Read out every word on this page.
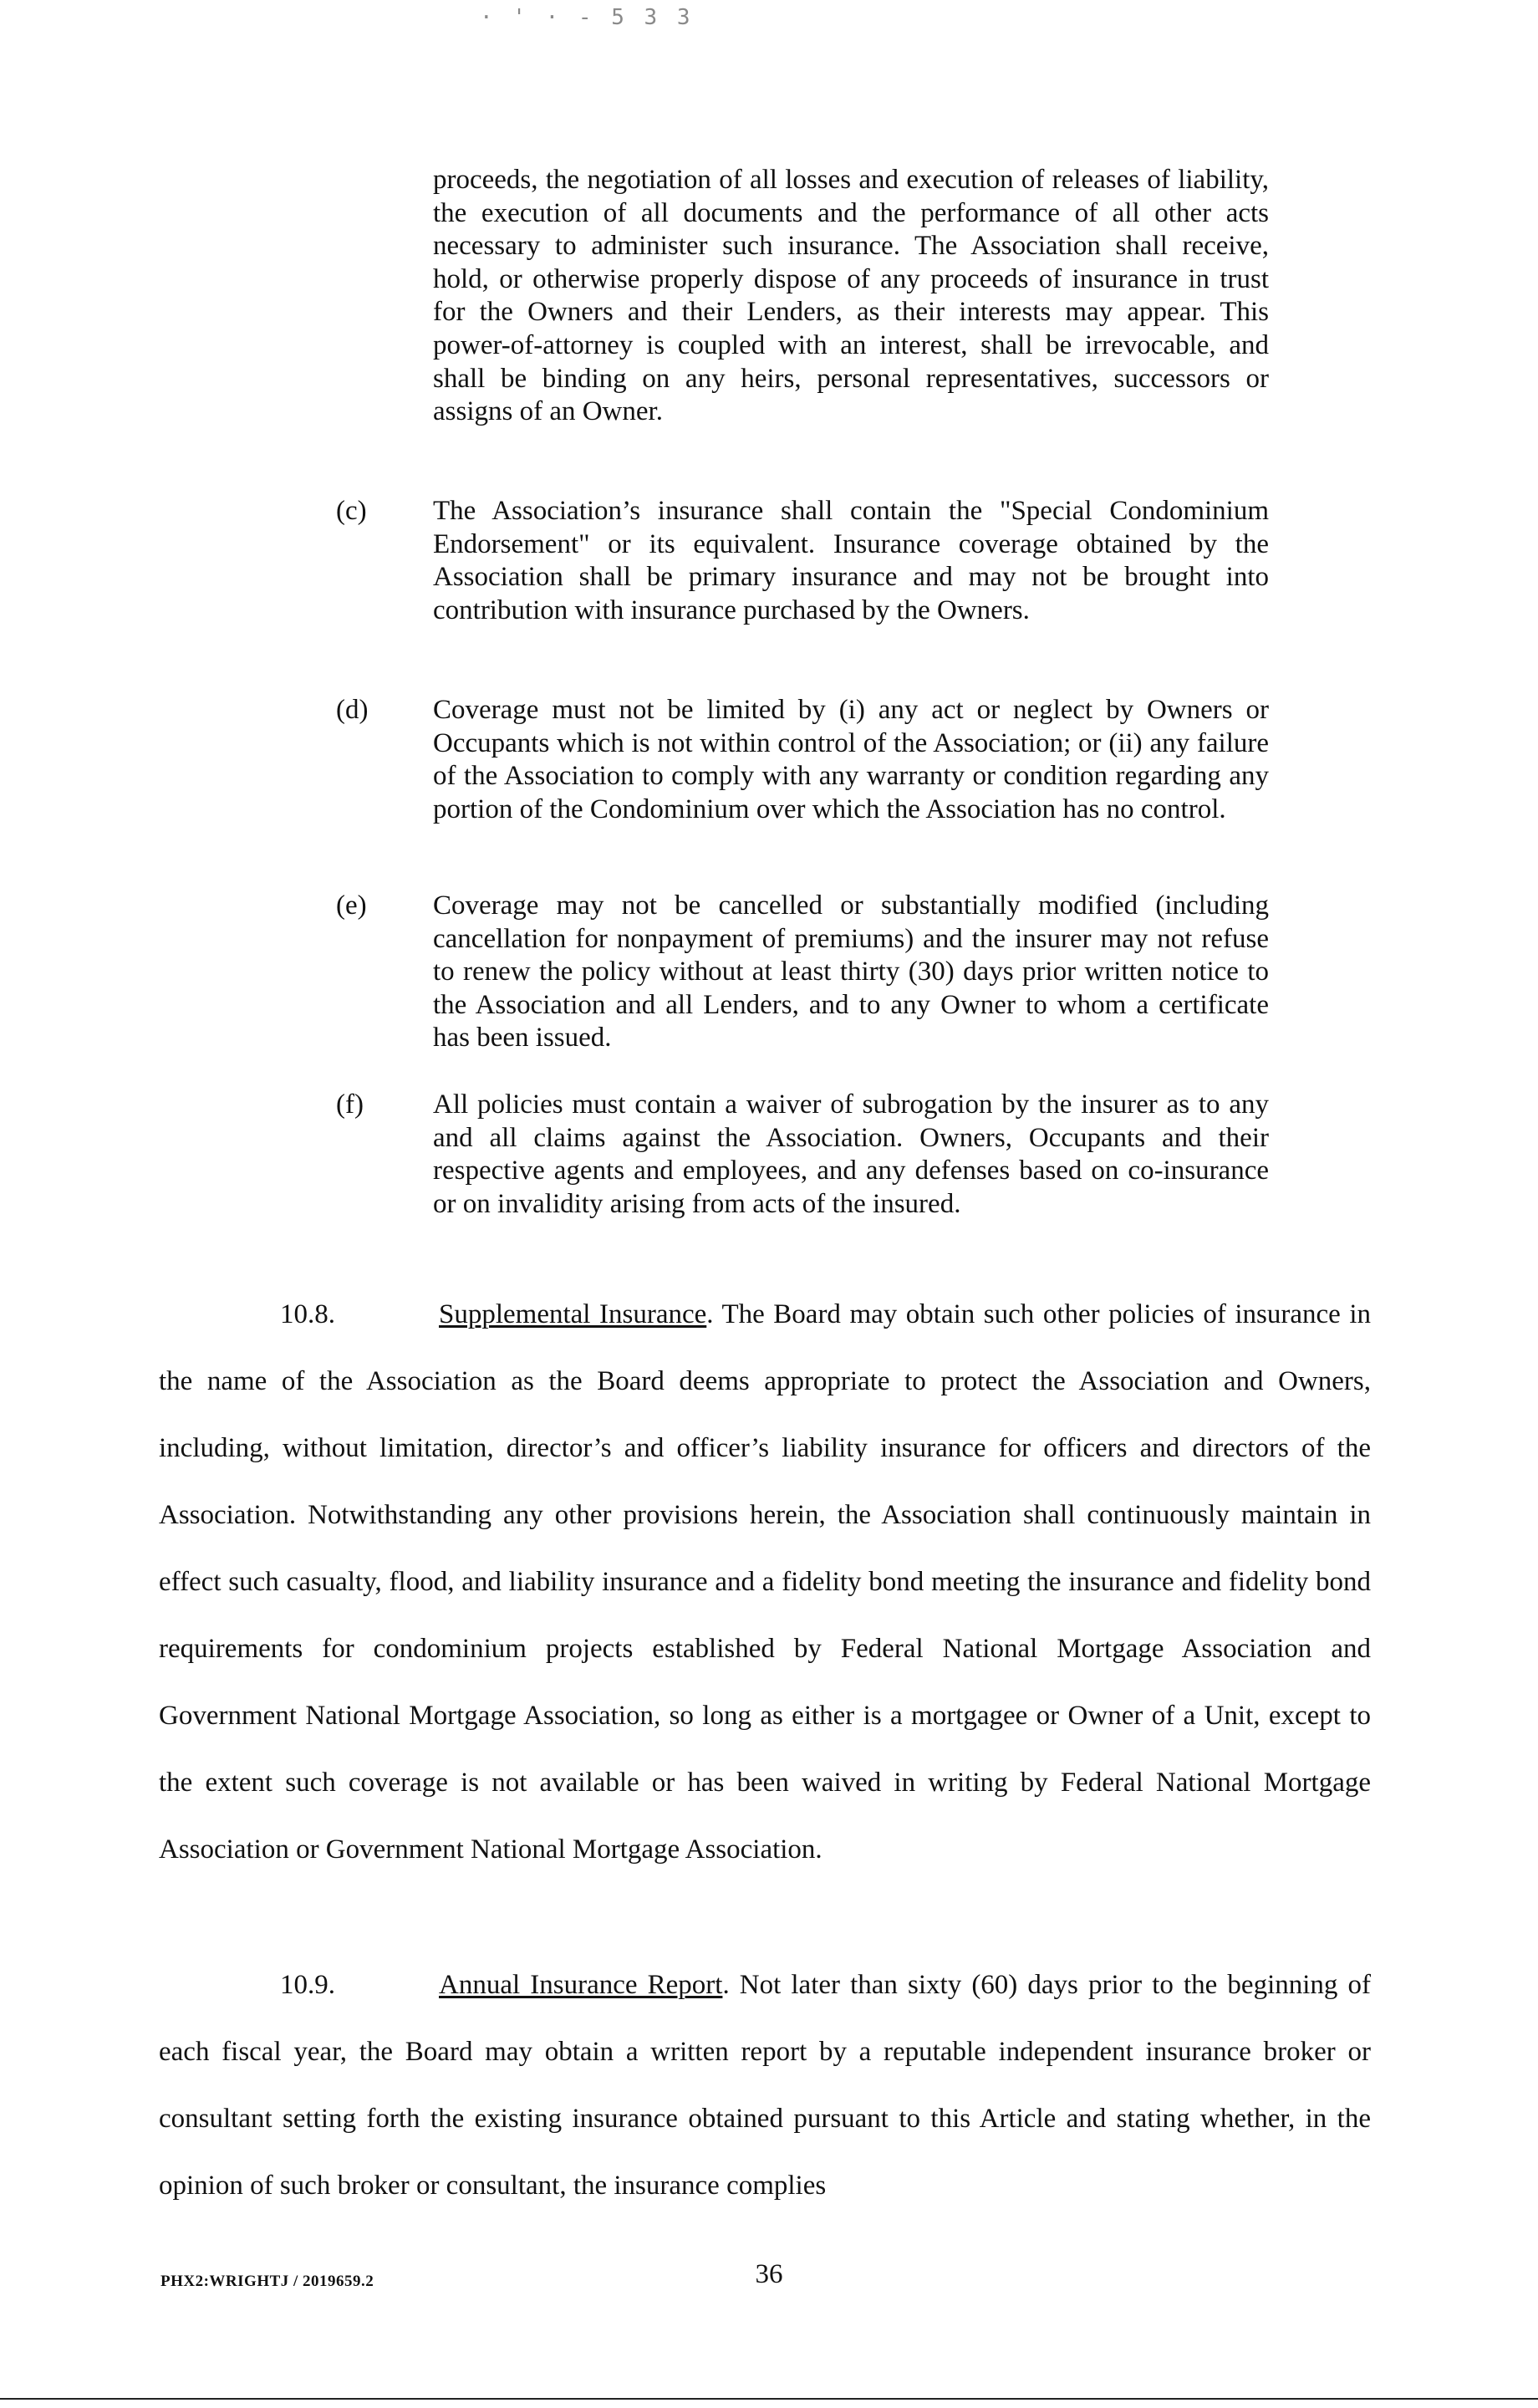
· ' · - 5 3 3

proceeds, the negotiation of all losses and execution of releases of liability, the execution of all documents and the performance of all other acts necessary to administer such insurance. The Association shall receive, hold, or otherwise properly dispose of any proceeds of insurance in trust for the Owners and their Lenders, as their interests may appear. This power-of-attorney is coupled with an interest, shall be irrevocable, and shall be binding on any heirs, personal representatives, successors or assigns of an Owner.

(c) The Association’s insurance shall contain the "Special Condominium Endorsement" or its equivalent. Insurance coverage obtained by the Association shall be primary insurance and may not be brought into contribution with insurance purchased by the Owners.

(d) Coverage must not be limited by (i) any act or neglect by Owners or Occupants which is not within control of the Association; or (ii) any failure of the Association to comply with any warranty or condition regarding any portion of the Condominium over which the Association has no control.

(e) Coverage may not be cancelled or substantially modified (including cancellation for nonpayment of premiums) and the insurer may not refuse to renew the policy without at least thirty (30) days prior written notice to the Association and all Lenders, and to any Owner to whom a certificate has been issued.

(f)	All policies must contain a waiver of subrogation by the insurer as to any and all claims against the Association. Owners, Occupants and their respective agents and employees, and any defenses based on co-insurance or on invalidity arising from acts of the insured.

10.8.	Supplemental Insurance. The Board may obtain such other policies of insurance in the name of the Association as the Board deems appropriate to protect the Association and Owners, including, without limitation, director’s and officer’s liability insurance for officers and directors of the Association. Notwithstanding any other provisions herein, the Association shall continuously maintain in effect such casualty, flood, and liability insurance and a fidelity bond meeting the insurance and fidelity bond requirements for condominium projects established by Federal National Mortgage Association and Government National Mortgage Association, so long as either is a mortgagee or Owner of a Unit, except to the extent such coverage is not available or has been waived in writing by Federal National Mortgage Association or Government National Mortgage Association.

10.9.	Annual Insurance Report. Not later than sixty (60) days prior to the beginning of each fiscal year, the Board may obtain a written report by a reputable independent insurance broker or consultant setting forth the existing insurance obtained pursuant to this Article and stating whether, in the opinion of such broker or consultant, the insurance complies

PHX2:WRIGHTJ / 2019659.2	36
